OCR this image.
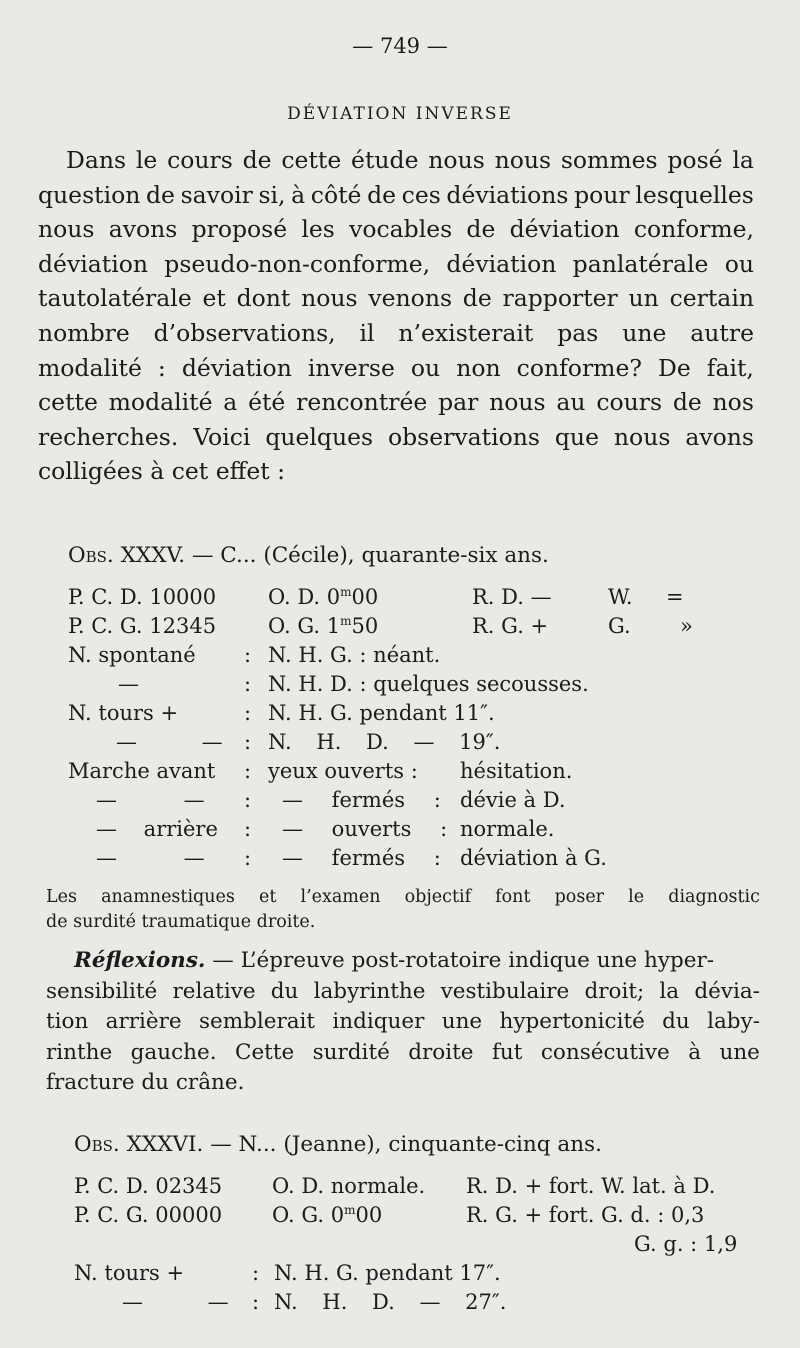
— 749 —
DÉVIATION INVERSE
Dans le cours de cette étude nous nous sommes posé la
question de savoir si, à côté de ces déviations pour lesquelles
nous avons proposé les vocables de déviation conforme,
déviation pseudo-non-conforme, déviation panlatérale ou
tautolatérale et dont nous venons de rapporter un certain
nombre d’observations, il n’existerait pas une autre
modalité : déviation inverse ou non conforme? De fait,
cette modalité a été rencontrée par nous au cours de nos
recherches. Voici quelques observations que nous avons
colligées à cet effet :
Obs. XXXV. — C... (Cécile), quarante-six ans.
P. C. D. 10000 O. D. 0$^m$00	R. D. —	W. =
P. C. G. 12345 O. G. 1$^m$50	R. G. +	G. »
N. spontané : N. H. G. : néant.
—	: N. H. D. : quelques secousses.
N. tours +	: N. H. G. pendant 11″.
— — : N. H. D. — 19″.
Marche avant : yeux ouverts : hésitation.
— — : — fermés : dévie à D.
— arrière : — ouverts : normale.
— — : — fermés : déviation à G.
Les anamnestiques et l’examen objectif font poser le diagnostic
de surdité traumatique droite.
Réflexions.
— L’épreuve post-rotatoire indique une hyper-
sensibilité relative du labyrinthe vestibulaire droit; la dévia-
tion arrière semblerait indiquer une hypertonicité du laby-
rinthe gauche. Cette surdité droite fut consécutive à une
fracture du crâne.
Obs. XXXVI. — N... (Jeanne), cinquante-cinq ans.
P. C. D. 02345 O. D. normale. R. D. + fort. W. lat. à D.
P. C. G. 00000 O. G. 0$^m$00	R. G. + fort. G. d. : 0,3
G. g. : 1,9
N. tours +	: N. H. G. pendant 17″.
— — : N. H. D. — 27″.
